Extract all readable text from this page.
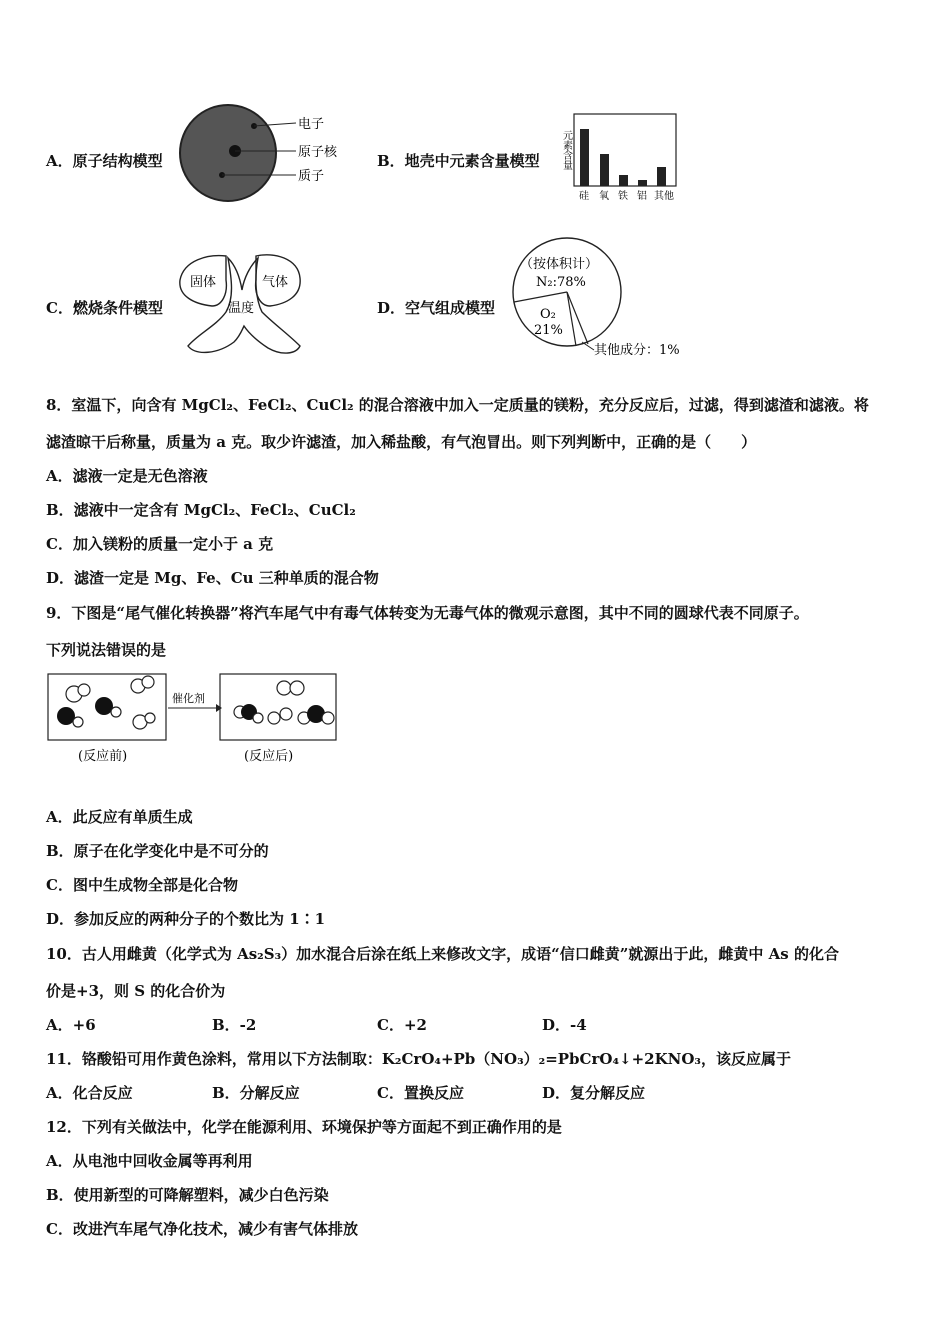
A．原子结构模型
电子
原子核
质子
B．地壳中元素含量模型 元素含量
硅 氧 铁 铝 其他
C．燃烧条件模型
固体	气体
温度	D．空气组成模型
（按体积计）
N₂:78%
O₂
21%
其他成分：1%
8．室温下，向含有 MgCl₂、FeCl₂、CuCl₂ 的混合溶液中加入一定质量的镁粉，充分反应后，过滤，得到滤渣和滤液。将
滤渣晾干后称量，质量为 a 克。取少许滤渣，加入稀盐酸，有气泡冒出。则下列判断中，正确的是（　　）
A．滤液一定是无色溶液
B．滤液中一定含有 MgCl₂、FeCl₂、CuCl₂
C．加入镁粉的质量一定小于 a 克
D．滤渣一定是 Mg、Fe、Cu 三种单质的混合物
9．下图是“尾气催化转换器”将汽车尾气中有毒气体转变为无毒气体的微观示意图，其中不同的圆球代表不同原子。
下列说法错误的是
催化剂
(反应前)	(反应后)
A．此反应有单质生成
B．原子在化学变化中是不可分的
C．图中生成物全部是化合物
D．参加反应的两种分子的个数比为 1∶1
10．古人用雌黄（化学式为 As₂S₃）加水混合后涂在纸上来修改文字，成语“信口雌黄”就源出于此，雌黄中 As 的化合
价是+3，则 S 的化合价为
A．+6	B．-2	C．+2	D．-4
11．铬酸铅可用作黄色涂料，常用以下方法制取：K₂CrO₄+Pb（NO₃）₂=PbCrO₄↓+2KNO₃，该反应属于
A．化合反应	B．分解反应	C．置换反应	D．复分解反应
12．下列有关做法中，化学在能源利用、环境保护等方面起不到正确作用的是
A．从电池中回收金属等再利用
B．使用新型的可降解塑料，减少白色污染
C．改进汽车尾气净化技术，减少有害气体排放
